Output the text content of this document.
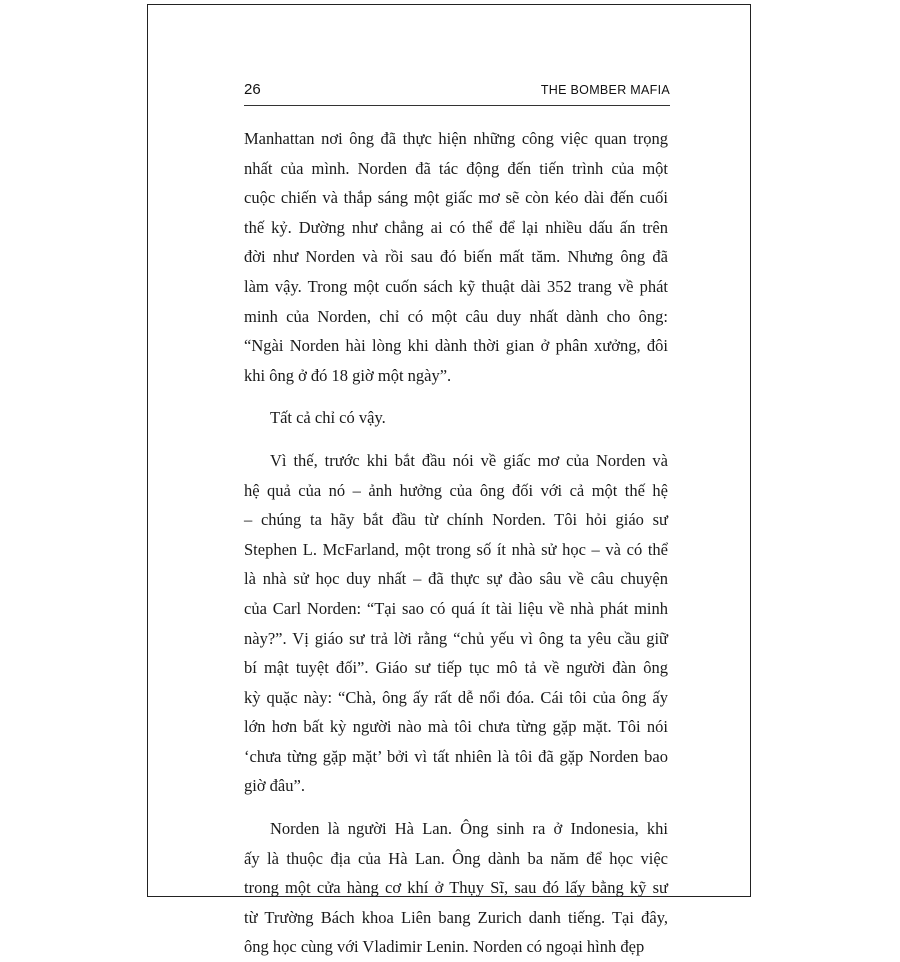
26	THE BOMBER MAFIA

Manhattan nơi ông đã thực hiện những công việc quan trọng
nhất của mình. Norden đã tác động đến tiến trình của một
cuộc chiến và thắp sáng một giấc mơ sẽ còn kéo dài đến cuối
thế kỷ. Dường như chẳng ai có thể để lại nhiều dấu ấn trên
đời như Norden và rồi sau đó biến mất tăm. Nhưng ông đã
làm vậy. Trong một cuốn sách kỹ thuật dài 352 trang về phát
minh của Norden, chỉ có một câu duy nhất dành cho ông:
“Ngài Norden hài lòng khi dành thời gian ở phân xưởng, đôi
khi ông ở đó 18 giờ một ngày”.

Tất cả chỉ có vậy.

Vì thế, trước khi bắt đầu nói về giấc mơ của Norden và
hệ quả của nó – ảnh hưởng của ông đối với cả một thế hệ
– chúng ta hãy bắt đầu từ chính Norden. Tôi hỏi giáo sư
Stephen L. McFarland, một trong số ít nhà sử học – và có thể
là nhà sử học duy nhất – đã thực sự đào sâu về câu chuyện
của Carl Norden: “Tại sao có quá ít tài liệu về nhà phát minh
này?”. Vị giáo sư trả lời rằng “chủ yếu vì ông ta yêu cầu giữ
bí mật tuyệt đối”. Giáo sư tiếp tục mô tả về người đàn ông
kỳ quặc này: “Chà, ông ấy rất dễ nổi đóa. Cái tôi của ông ấy
lớn hơn bất kỳ người nào mà tôi chưa từng gặp mặt. Tôi nói
‘chưa từng gặp mặt’ bởi vì tất nhiên là tôi đã gặp Norden bao
giờ đâu”.

Norden là người Hà Lan. Ông sinh ra ở Indonesia, khi
ấy là thuộc địa của Hà Lan. Ông dành ba năm để học việc
trong một cửa hàng cơ khí ở Thụy Sĩ, sau đó lấy bằng kỹ sư
từ Trường Bách khoa Liên bang Zurich danh tiếng. Tại đây,
ông học cùng với Vladimir Lenin. Norden có ngoại hình đẹp
